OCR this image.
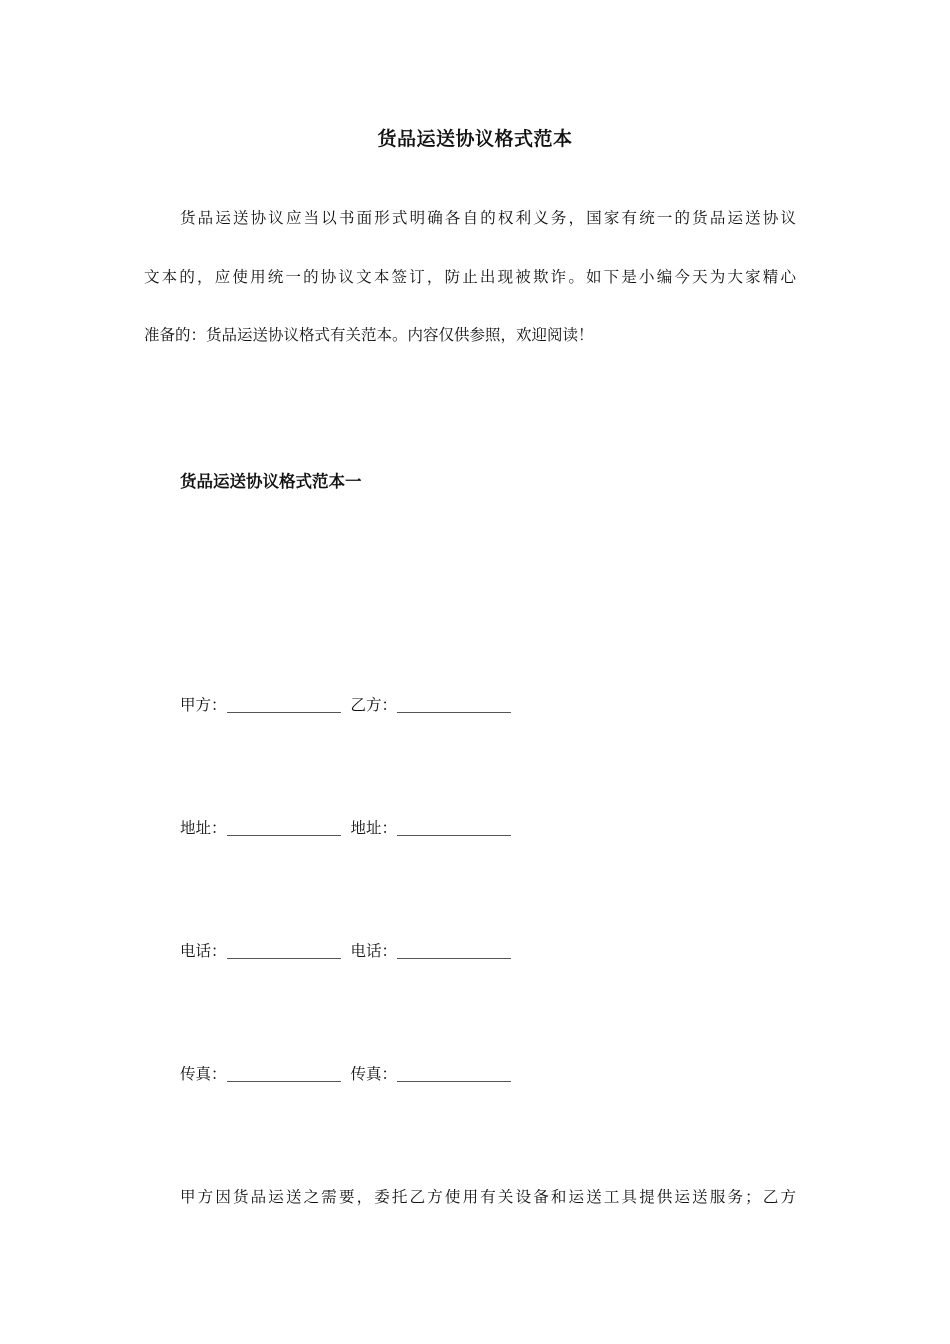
货品运送协议格式范本
货品运送协议应当以书面形式明确各自的权利义务，国家有统一的货品运送协议
文本的，应使用统一的协议文本签订，防止出现被欺诈。如下是小编今天为大家精心
准备的：货品运送协议格式有关范本。内容仅供参照，欢迎阅读！
货品运送协议格式范本一
甲方：	乙方：
地址：	地址：
电话：	电话：
传真：	传真：
甲方因货品运送之需要，委托乙方使用有关设备和运送工具提供运送服务；乙方
